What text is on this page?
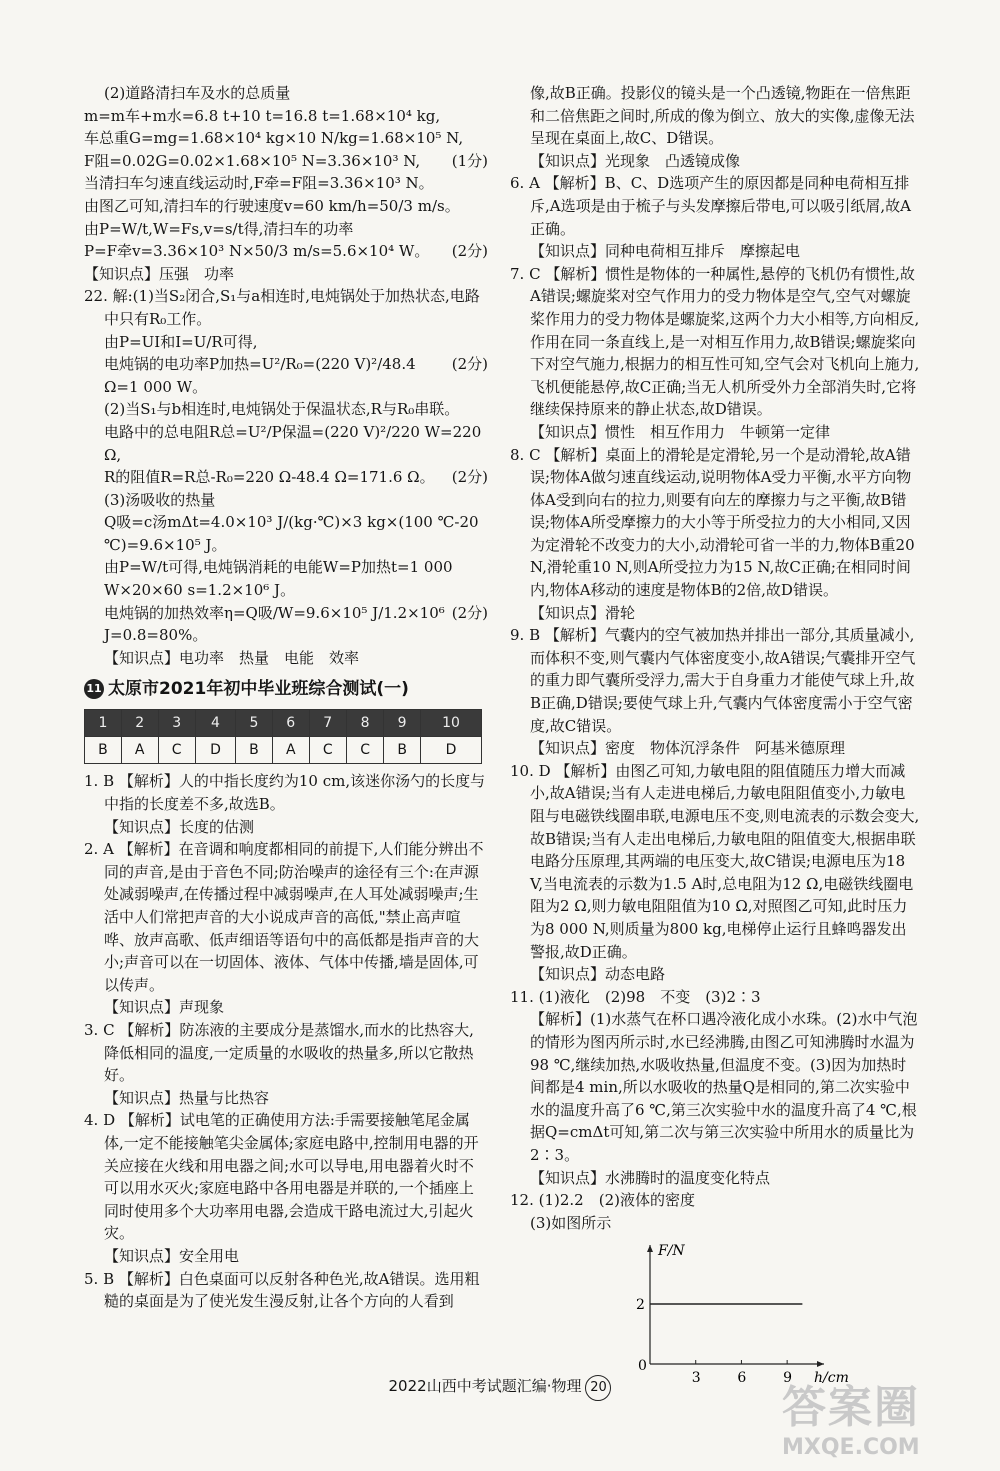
(2)道路清扫车及水的总质量

m=m车+m水=6.8 t+10 t=16.8 t=1.68×10⁴ kg,

车总重G=mg=1.68×10⁴ kg×10 N/kg=1.68×10⁵ N,

(1分)
F阻=0.02G=0.02×1.68×10⁵ N=3.36×10³ N,

当清扫车匀速直线运动时,F牵=F阻=3.36×10³ N。

由图乙可知,清扫车的行驶速度v=60 km/h=50/3 m/s。

由P=W/t,W=Fs,v=s/t得,清扫车的功率

(2分)
P=F牵v=3.36×10³ N×50/3 m/s=5.6×10⁴ W。

【知识点】压强　功率

22. 解:(1)当S₂闭合,S₁与a相连时,电炖锅处于加热状态,电路中只有R₀工作。

由P=UI和I=U/R可得,

(2分)
电炖锅的电功率P加热=U²/R₀=(220 V)²/48.4 Ω=1 000 W。

(2)当S₁与b相连时,电炖锅处于保温状态,R与R₀串联。

电路中的总电阻R总=U²/P保温=(220 V)²/220 W=220 Ω,

(2分)
R的阻值R=R总-R₀=220 Ω-48.4 Ω=171.6 Ω。

(3)汤吸收的热量

Q吸=c汤mΔt=4.0×10³ J/(kg·℃)×3 kg×(100 ℃-20 ℃)=9.6×10⁵ J。

由P=W/t可得,电炖锅消耗的电能W=P加热t=1 000 W×20×60 s=1.2×10⁶ J。

(2分)
电炖锅的加热效率η=Q吸/W=9.6×10⁵ J/1.2×10⁶ J=0.8=80%。

【知识点】电功率　热量　电能　效率

11 太原市2021年初中毕业班综合测试(一)
1	2	3	4	5	6	7	8	9	10
B	A	C	D	B	A	C	C	B	D

1. B 【解析】人的中指长度约为10 cm,该迷你汤勺的长度与中指的长度差不多,故选B。

【知识点】长度的估测

2. A 【解析】在音调和响度都相同的前提下,人们能分辨出不同的声音,是由于音色不同;防治噪声的途径有三个:在声源处减弱噪声,在传播过程中减弱噪声,在人耳处减弱噪声;生活中人们常把声音的大小说成声音的高低,"禁止高声喧哗、放声高歌、低声细语等语句中的高低都是指声音的大小;声音可以在一切固体、液体、气体中传播,墙是固体,可以传声。

【知识点】声现象

3. C 【解析】防冻液的主要成分是蒸馏水,而水的比热容大,降低相同的温度,一定质量的水吸收的热量多,所以它散热好。

【知识点】热量与比热容

4. D 【解析】试电笔的正确使用方法:手需要接触笔尾金属体,一定不能接触笔尖金属体;家庭电路中,控制用电器的开关应接在火线和用电器之间;水可以导电,用电器着火时不可以用水灭火;家庭电路中各用电器是并联的,一个插座上同时使用多个大功率用电器,会造成干路电流过大,引起火灾。

【知识点】安全用电

5. B 【解析】白色桌面可以反射各种色光,故A错误。选用粗糙的桌面是为了使光发生漫反射,让各个方向的人看到

像,故B正确。投影仪的镜头是一个凸透镜,物距在一倍焦距和二倍焦距之间时,所成的像为倒立、放大的实像,虚像无法呈现在桌面上,故C、D错误。

【知识点】光现象　凸透镜成像

6. A 【解析】B、C、D选项产生的原因都是同种电荷相互排斥,A选项是由于梳子与头发摩擦后带电,可以吸引纸屑,故A正确。

【知识点】同种电荷相互排斥　摩擦起电

7. C 【解析】惯性是物体的一种属性,悬停的飞机仍有惯性,故A错误;螺旋桨对空气作用力的受力物体是空气,空气对螺旋桨作用力的受力物体是螺旋桨,这两个力大小相等,方向相反,作用在同一条直线上,是一对相互作用力,故B错误;螺旋桨向下对空气施力,根据力的相互性可知,空气会对飞机向上施力,飞机便能悬停,故C正确;当无人机所受外力全部消失时,它将继续保持原来的静止状态,故D错误。

【知识点】惯性　相互作用力　牛顿第一定律

8. C 【解析】桌面上的滑轮是定滑轮,另一个是动滑轮,故A错误;物体A做匀速直线运动,说明物体A受力平衡,水平方向物体A受到向右的拉力,则要有向左的摩擦力与之平衡,故B错误;物体A所受摩擦力的大小等于所受拉力的大小相同,又因为定滑轮不改变力的大小,动滑轮可省一半的力,物体B重20 N,滑轮重10 N,则A所受拉力为15 N,故C正确;在相同时间内,物体A移动的速度是物体B的2倍,故D错误。

【知识点】滑轮

9. B 【解析】气囊内的空气被加热并排出一部分,其质量减小,而体积不变,则气囊内气体密度变小,故A错误;气囊排开空气的重力即气囊所受浮力,需大于自身重力才能使气球上升,故B正确,D错误;要使气球上升,气囊内气体密度需小于空气密度,故C错误。

【知识点】密度　物体沉浮条件　阿基米德原理

10. D 【解析】由图乙可知,力敏电阻的阻值随压力增大而减小,故A错误;当有人走进电梯后,力敏电阻阻值变小,力敏电阻与电磁铁线圈串联,电源电压不变,则电流表的示数会变大,故B错误;当有人走出电梯后,力敏电阻的阻值变大,根据串联电路分压原理,其两端的电压变大,故C错误;电源电压为18 V,当电流表的示数为1.5 A时,总电阻为12 Ω,电磁铁线圈电阻为2 Ω,则力敏电阻阻值为10 Ω,对照图乙可知,此时压力为8 000 N,则质量为800 kg,电梯停止运行且蜂鸣器发出警报,故D正确。

【知识点】动态电路

11. (1)液化　(2)98　不变　(3)2∶3

【解析】(1)水蒸气在杯口遇冷液化成小水珠。(2)水中气泡的情形为图丙所示时,水已经沸腾,由图乙可知沸腾时水温为98 ℃,继续加热,水吸收热量,但温度不变。(3)因为加热时间都是4 min,所以水吸收的热量Q是相同的,第二次实验中水的温度升高了6 ℃,第三次实验中水的温度升高了4 ℃,根据Q=cmΔt可知,第二次与第三次实验中所用水的质量比为2∶3。

【知识点】水沸腾时的温度变化特点

12. (1)2.2　(2)液体的密度

(3)如图所示

F/N
h/cm
0
3	6	9
2
2022山西中考试题汇编·物理 20	答案圈
MXQE.COM
